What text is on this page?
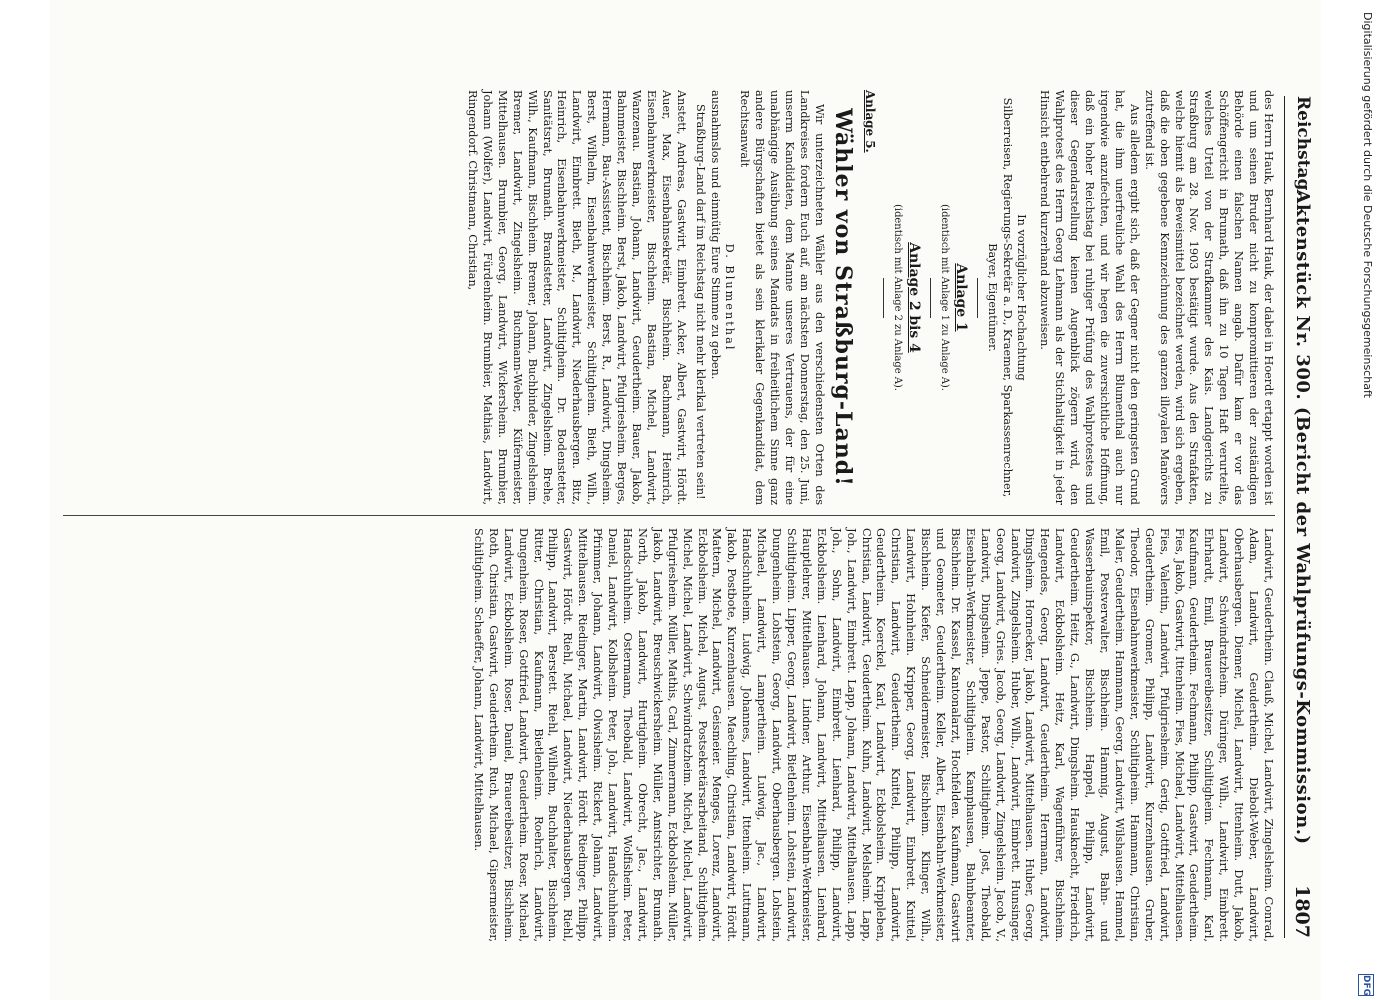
Reichstag.
Aktenstück Nr. 300. (Bericht der Wahlprüfungs-Kommission.)
1807

des Herrn Hauk, Bernhard Hauk, der dabei in Hoerdt ertappt worden ist und um seinen Bruder nicht zu kompromittieren der zuständigen Behörde einen falschen Namen angab. Dafür kam er vor das Schöffengericht in Brumath, daß ihn zu 10 Tagen Haft verurteilte, welches Urteil von der Strafkammer des Kais. Landgerichts zu Straßburg am 28. Nov. 1903 bestätigt wurde. Aus den Strafakten, welche hiemit als Beweismittel bezeichnet werden, wird sich ergeben, daß die oben gegebene Kennzeichnung des ganzen illoyalen Manövers zutreffend ist.

Aus alledem ergibt sich, daß der Gegner nicht den geringsten Grund hat, die ihm unerfreuliche Wahl des Herrn Blumenthal auch nur irgendwie anzufechten, und wir hegen die zuversichtliche Hoffnung, daß ein hoher Reichstag bei ruhiger Prüfung des Wahlprotestes und dieser Gegendarstellung keinen Augenblick zögern wird, den Wahlprotest des Herrn Georg Lehmann als der Stichhaltigkeit in jeder Hinsicht entbehrend kurzerhand abzuweisen.

In vorzüglicher Hochachtung

Silberreisen, Regierungs-Sekretär a. D., Kraemer, Sparkassenrechner, Bayer, Eigentümer.

Anlage 1

(identisch mit Anlage 1 zu Anlage A).

Anlage 2 bis 4

(identisch mit Anlage 2 zu Anlage A).

Anlage 5.

Wähler von Straßburg-Land!

Wir unterzeichneten Wähler aus den verschiedensten Orten des Landkreises fordern Euch auf, am nächsten Donnerstag, den 25. Juni, unserm Kandidaten, dem Manne unseres Vertrauens, der für eine unabhängige Ausübung seines Mandats in freiheitlichem Sinne ganz andere Bürgschaften bietet als sein klerikaler Gegenkandidat, dem Rechtsanwalt

D. Blumenthal

ausnahmslos und einmütig Eure Stimme zu geben.

Straßburg-Land darf im Reichstag nicht mehr klerikal vertreten sein!

Anstett, Andreas, Gastwirt, Eimbrett. Acker, Albert, Gastwirt, Hördt. Auer, Max, Eisenbahnsekretär, Bischheim. Bachmann, Heinrich, Eisenbahnwerkmeister, Bischheim. Bastian, Michel, Landwirt, Wanzenau. Bastian, Johann, Landwirt, Geudertheim. Bauer, Jakob, Bahnmeister, Bischheim. Berst, Jakob, Landwirt, Pfulgriesheim. Berges, Hermann, Bau-Assistent, Bischheim. Berst, R., Landwirt, Dingsheim. Berst, Wilhelm, Eisenbahnwerkmeister, Schiltigheim. Bieth, Wilh., Landwirt, Eimbrett. Bieth, M., Landwirt, Niederhausbergen. Bitz, Heinrich, Eisenbahnwerkmeister, Schiltigheim. Dr. Bodenstetter, Sanitätsrat, Brumath. Brandstetter, Landwirt, Zingelsheim. Brehe, Wilh., Kaufmann, Bischheim. Bremer, Johann, Buchbinder, Zingelsheim. Bremer, Landwirt, Zingelsheim. Buchmann-Weber, Küfermeister, Mittelhausen. Brumbier, Georg, Landwirt, Wickersheim. Brumbier, Johann (Wolfer), Landwirt, Fürdenheim. Brumbier, Mathias, Landwirt, Ringendorf. Christmann, Christian,

Landwirt, Geudertheim. Clauß, Michel, Landwirt, Zingelsheim. Conrad, Adam, Landwirt, Geudertheim. Diebolt-Weber, Landwirt, Oberhausbergen. Diemer, Michel, Landwirt, Ittenheim. Dutt, Jakob, Landwirt, Schwindratzheim. Düringer, Wilh., Landwirt, Eimbrett. Ehrhardt, Emil, Brauereibesitzer, Schiltigheim. Fechmann, Karl, Kaufmann, Geudertheim. Fechmann, Philipp, Gastwirt, Geudertheim. Fies, Jakob, Gastwirt, Ittenheim. Fies, Michael, Landwirt, Mittelhausen. Fies, Valentin, Landwirt, Pfulgriesheim. Gerig, Gottfried, Landwirt, Geudertheim. Gromer, Philipp, Landwirt, Kurzenhausen. Gruber, Theodor, Eisenbahnwerkmeister, Schiltigheim. Hammann, Christian, Maler, Geudertheim. Hammann, Georg, Landwirt, Wilshausen. Hammel, Emil, Postverwalter, Bischheim. Hammig, August, Bahn- und Wasserbauinspektor, Bischheim. Happel, Philipp, Landwirt, Geudertheim. Heitz, G., Landwirt, Dingsheim. Hausknecht, Friedrich, Landwirt, Eckbolsheim. Heitz, Karl, Wagenführer, Bischheim. Hengendes, Georg, Landwirt, Geudertheim. Herrmann, Landwirt, Dingsheim. Hornecker, Jakob, Landwirt, Mittelhausen. Huber, Georg, Landwirt, Zingelsheim. Huber, Wilh., Landwirt, Eimbrett. Hunsinger, Georg, Landwirt, Gries. Jacob, Georg, Landwirt, Zingelsheim. Jacob, V., Landwirt, Dingsheim. Jeppe, Pastor, Schiltigheim. Jost, Theobald, Eisenbahn-Werkmeister, Schiltigheim. Kamphausen, Bahnbeamter, Bischheim. Dr. Kassel, Kantonalarzt, Hochfelden. Kaufmann, Gastwirt und Geometer, Geudertheim. Keller, Albert, Eisenbahn-Werkmeister, Bischheim. Kiefer, Schneidermeister, Bischheim. Klinger, Wilh., Landwirt, Hohnheim. Kripper, Georg, Landwirt, Eimbrett. Knittel, Christian, Landwirt, Geudertheim. Knittel, Philipp, Landwirt, Geudertheim. Koerckel, Karl, Landwirt, Eckbolsheim. Krippleben, Christian, Landwirt, Geudertheim. Kuhn, Landwirt, Melsheim. Lapp, Joh., Landwirt, Eimbrett. Lapp, Johann, Landwirt, Mittelhausen. Lapp, Joh., Sohn, Landwirt, Eimbrett. Lienhard, Philipp, Landwirt, Eckbolsheim. Lienhard, Johann, Landwirt, Mittelhausen. Lienhard, Hauptlehrer, Mittelhausen. Lindner, Arthur, Eisenbahn-Werkmeister, Schiltigheim. Lipper, Georg, Landwirt, Bietlenheim. Lohstein, Landwirt, Dungenheim. Lohstein, Georg, Landwirt, Oberhausbergen. Lohstein, Michael, Landwirt, Lampertheim. Ludwig, Jac., Landwirt, Handschuhheim. Ludwig, Johannes, Landwirt, Ittenheim. Luttmann, Jakob, Postbote, Kurzenhausen. Maechling, Christian, Landwirt, Hördt. Mattern, Michel, Landwirt, Geismeier. Menges, Lorenz, Landwirt, Eckbolsheim. Michel, August, Postsekretärsarbeitand, Schiltigheim. Michel, Michel, Landwirt, Schwindratzheim. Michel, Michel, Landwirt, Pfulgriesheim. Müller, Mathis, Carl, Zimmermann, Eckbolsheim. Müller, Jakob, Landwirt, Breuschwickersheim. Müller, Amtsrichter, Brumath. North, Jakob, Landwirt, Hurtigheim. Obrecht, Jac., Landwirt, Handschuhheim. Ostermann, Theobald, Landwirt, Wolfisheim. Peter, Daniel, Landwirt, Kolbsheim. Peter, Joh., Landwirt, Handschuhheim. Pfrimmer, Johann, Landwirt, Olwisheim. Rickert, Johann, Landwirt, Mittelhausen. Riedinger, Martin, Landwirt, Hördt. Riedinger, Philipp, Gastwirt, Hördt. Riehl, Michael, Landwirt, Niederhausbergen. Riehl, Philipp, Landwirt, Berstett. Riehl, Wilhelm, Buchhalter, Bischheim. Ritter, Christian, Kaufmann, Bietlenheim. Roehrich, Landwirt, Dungenheim. Roser, Gottfried, Landwirt, Geudertheim. Roser, Michael, Landwirt, Eckbolsheim. Roser, Daniel, Brauereibesitzer, Bischheim. Roth, Christian, Gastwirt, Geudertheim. Ruch, Michael, Gipsermeister, Schiltigheim. Schaeffer, Johann, Landwirt, Mittelhausen.

Digitalisierung gefördert durch die Deutsche Forschungsgemeinschaft
DFG
